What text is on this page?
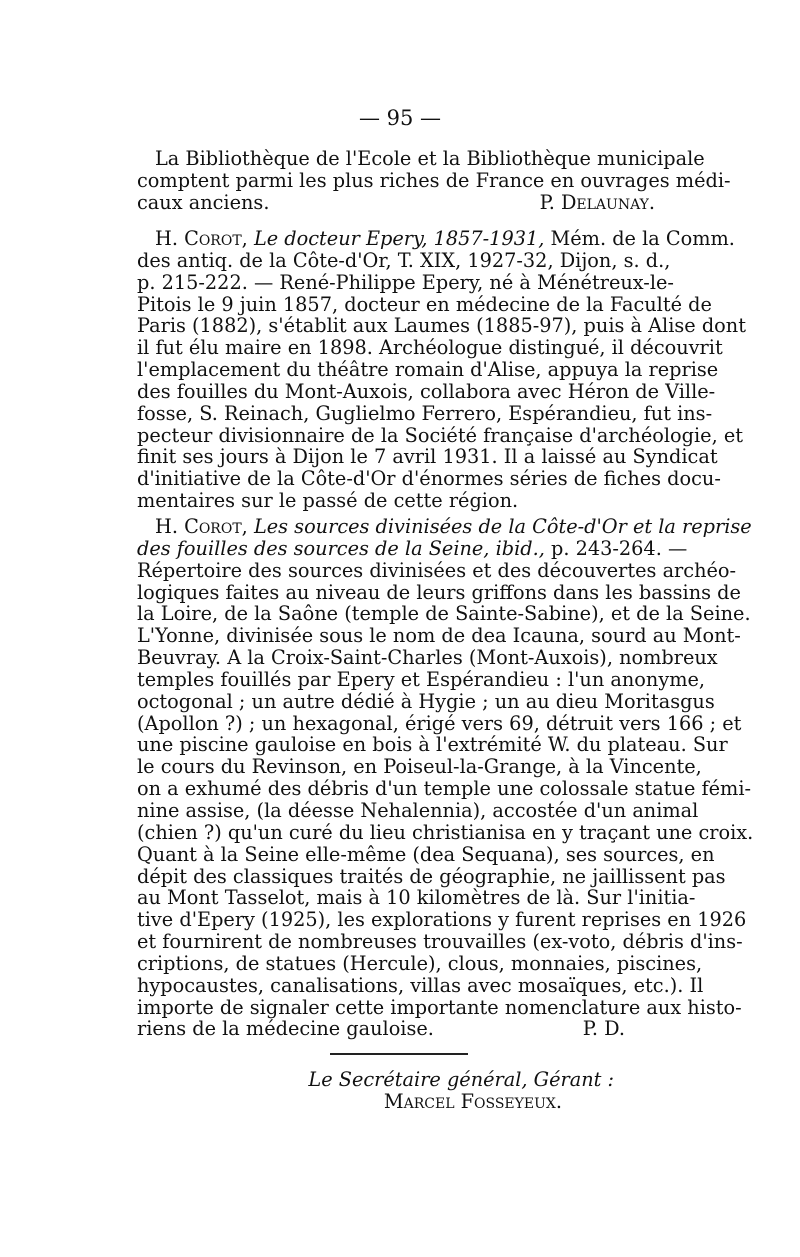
— 95 —
La Bibliothèque de l'Ecole et la Bibliothèque municipale
comptent parmi les plus riches de France en ouvrages médi-
caux anciens.	P. Delaunay.
H. Corot, Le docteur Epery, 1857-1931, Mém. de la Comm.
des antiq. de la Côte-d'Or, T. XIX, 1927-32, Dijon, s. d.,
p. 215-222. — René-Philippe Epery, né à Ménétreux-le-
Pitois le 9 juin 1857, docteur en médecine de la Faculté de
Paris (1882), s'établit aux Laumes (1885-97), puis à Alise dont
il fut élu maire en 1898. Archéologue distingué, il découvrit
l'emplacement du théâtre romain d'Alise, appuya la reprise
des fouilles du Mont-Auxois, collabora avec Héron de Ville-
fosse, S. Reinach, Guglielmo Ferrero, Espérandieu, fut ins-
pecteur divisionnaire de la Société française d'archéologie, et
finit ses jours à Dijon le 7 avril 1931. Il a laissé au Syndicat
d'initiative de la Côte-d'Or d'énormes séries de fiches docu-
mentaires sur le passé de cette région.
H. Corot, Les sources divinisées de la Côte-d'Or et la reprise
des fouilles des sources de la Seine, ibid., p. 243-264. —
Répertoire des sources divinisées et des découvertes archéo-
logiques faites au niveau de leurs griffons dans les bassins de
la Loire, de la Saône (temple de Sainte-Sabine), et de la Seine.
L'Yonne, divinisée sous le nom de dea Icauna, sourd au Mont-
Beuvray. A la Croix-Saint-Charles (Mont-Auxois), nombreux
temples fouillés par Epery et Espérandieu : l'un anonyme,
octogonal ; un autre dédié à Hygie ; un au dieu Moritasgus
(Apollon ?) ; un hexagonal, érigé vers 69, détruit vers 166 ; et
une piscine gauloise en bois à l'extrémité W. du plateau. Sur
le cours du Revinson, en Poiseul-la-Grange, à la Vincente,
on a exhumé des débris d'un temple une colossale statue fémi-
nine assise, (la déesse Nehalennia), accostée d'un animal
(chien ?) qu'un curé du lieu christianisa en y traçant une croix.
Quant à la Seine elle-même (dea Sequana), ses sources, en
dépit des classiques traités de géographie, ne jaillissent pas
au Mont Tasselot, mais à 10 kilomètres de là. Sur l'initia-
tive d'Epery (1925), les explorations y furent reprises en 1926
et fournirent de nombreuses trouvailles (ex-voto, débris d'ins-
criptions, de statues (Hercule), clous, monnaies, piscines,
hypocaustes, canalisations, villas avec mosaïques, etc.). Il
importe de signaler cette importante nomenclature aux histo-
riens de la médecine gauloise.	P. D.
Le Secrétaire général, Gérant :
Marcel Fosseyeux.
